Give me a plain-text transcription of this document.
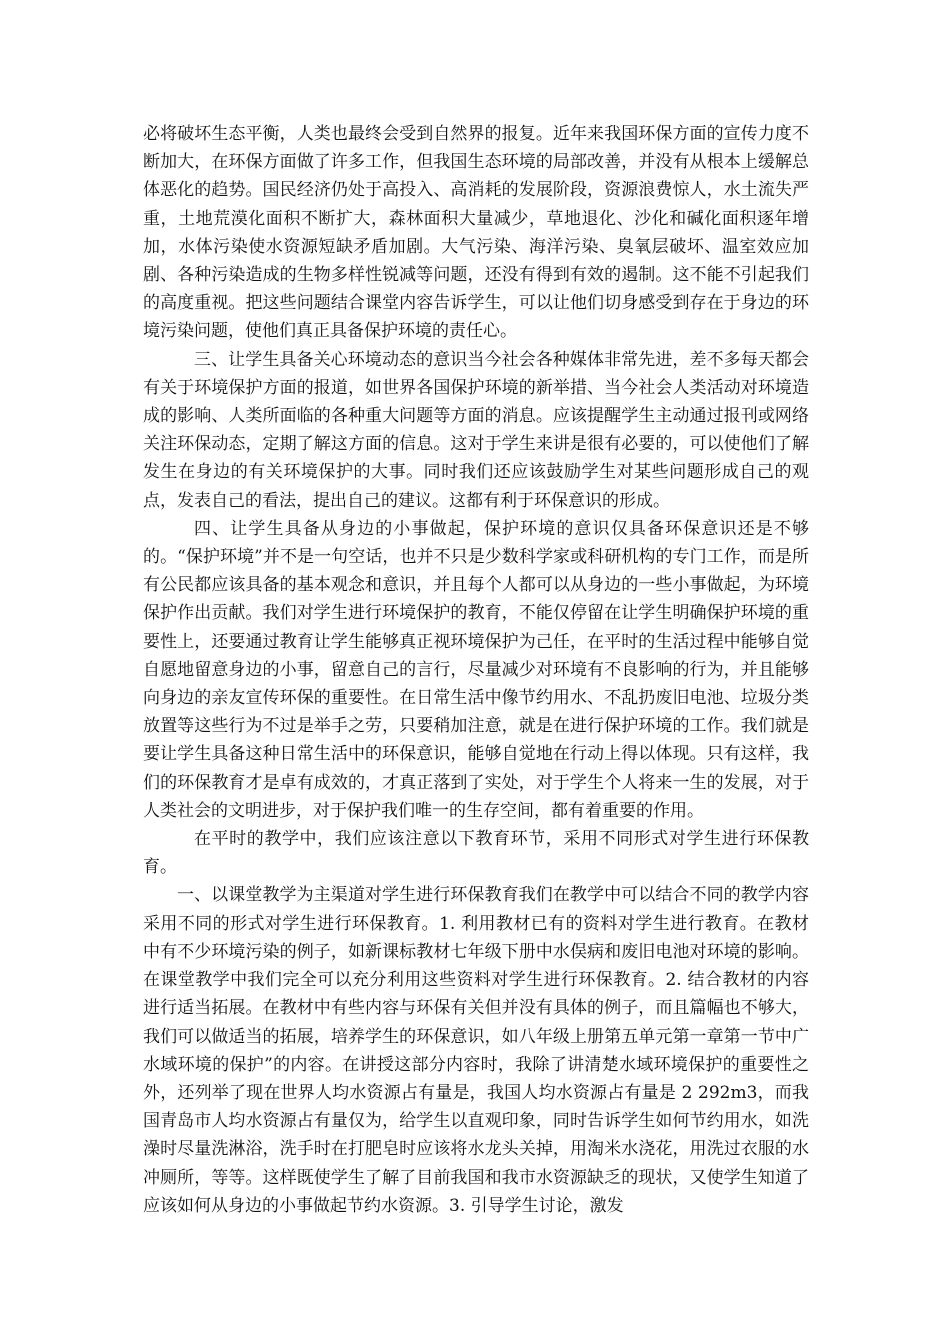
必将破坏生态平衡，人类也最终会受到自然界的报复。近年来我国环保方面的宣传力度不断加大，在环保方面做了许多工作，但我国生态环境的局部改善，并没有从根本上缓解总体恶化的趋势。国民经济仍处于高投入、高消耗的发展阶段，资源浪费惊人，水土流失严重，土地荒漠化面积不断扩大，森林面积大量减少，草地退化、沙化和碱化面积逐年增加，水体污染使水资源短缺矛盾加剧。大气污染、海洋污染、臭氧层破坏、温室效应加剧、各种污染造成的生物多样性锐减等问题，还没有得到有效的遏制。这不能不引起我们的高度重视。把这些问题结合课堂内容告诉学生，可以让他们切身感受到存在于身边的环境污染问题，使他们真正具备保护环境的责任心。

三、让学生具备关心环境动态的意识当今社会各种媒体非常先进，差不多每天都会有关于环境保护方面的报道，如世界各国保护环境的新举措、当今社会人类活动对环境造成的影响、人类所面临的各种重大问题等方面的消息。应该提醒学生主动通过报刊或网络关注环保动态，定期了解这方面的信息。这对于学生来讲是很有必要的，可以使他们了解发生在身边的有关环境保护的大事。同时我们还应该鼓励学生对某些问题形成自己的观点，发表自己的看法，提出自己的建议。这都有利于环保意识的形成。

四、让学生具备从身边的小事做起，保护环境的意识仅具备环保意识还是不够的。“保护环境”并不是一句空话，也并不只是少数科学家或科研机构的专门工作，而是所有公民都应该具备的基本观念和意识，并且每个人都可以从身边的一些小事做起，为环境保护作出贡献。我们对学生进行环境保护的教育，不能仅停留在让学生明确保护环境的重要性上，还要通过教育让学生能够真正视环境保护为己任，在平时的生活过程中能够自觉自愿地留意身边的小事，留意自己的言行，尽量减少对环境有不良影响的行为，并且能够向身边的亲友宣传环保的重要性。在日常生活中像节约用水、不乱扔废旧电池、垃圾分类放置等这些行为不过是举手之劳，只要稍加注意，就是在进行保护环境的工作。我们就是要让学生具备这种日常生活中的环保意识，能够自觉地在行动上得以体现。只有这样，我们的环保教育才是卓有成效的，才真正落到了实处，对于学生个人将来一生的发展，对于人类社会的文明进步，对于保护我们唯一的生存空间，都有着重要的作用。

在平时的教学中，我们应该注意以下教育环节，采用不同形式对学生进行环保教育。

一、以课堂教学为主渠道对学生进行环保教育我们在教学中可以结合不同的教学内容采用不同的形式对学生进行环保教育。1. 利用教材已有的资料对学生进行教育。在教材中有不少环境污染的例子，如新课标教材七年级下册中水俣病和废旧电池对环境的影响。在课堂教学中我们完全可以充分利用这些资料对学生进行环保教育。2. 结合教材的内容进行适当拓展。在教材中有些内容与环保有关但并没有具体的例子，而且篇幅也不够大，我们可以做适当的拓展，培养学生的环保意识，如八年级上册第五单元第一章第一节中广水域环境的保护”的内容。在讲授这部分内容时，我除了讲清楚水域环境保护的重要性之外，还列举了现在世界人均水资源占有量是，我国人均水资源占有量是 2 292m3，而我国青岛市人均水资源占有量仅为，给学生以直观印象，同时告诉学生如何节约用水，如洗澡时尽量洗淋浴，洗手时在打肥皂时应该将水龙头关掉，用淘米水浇花，用洗过衣服的水冲厕所，等等。这样既使学生了解了目前我国和我市水资源缺乏的现状，又使学生知道了应该如何从身边的小事做起节约水资源。3. 引导学生讨论，激发
